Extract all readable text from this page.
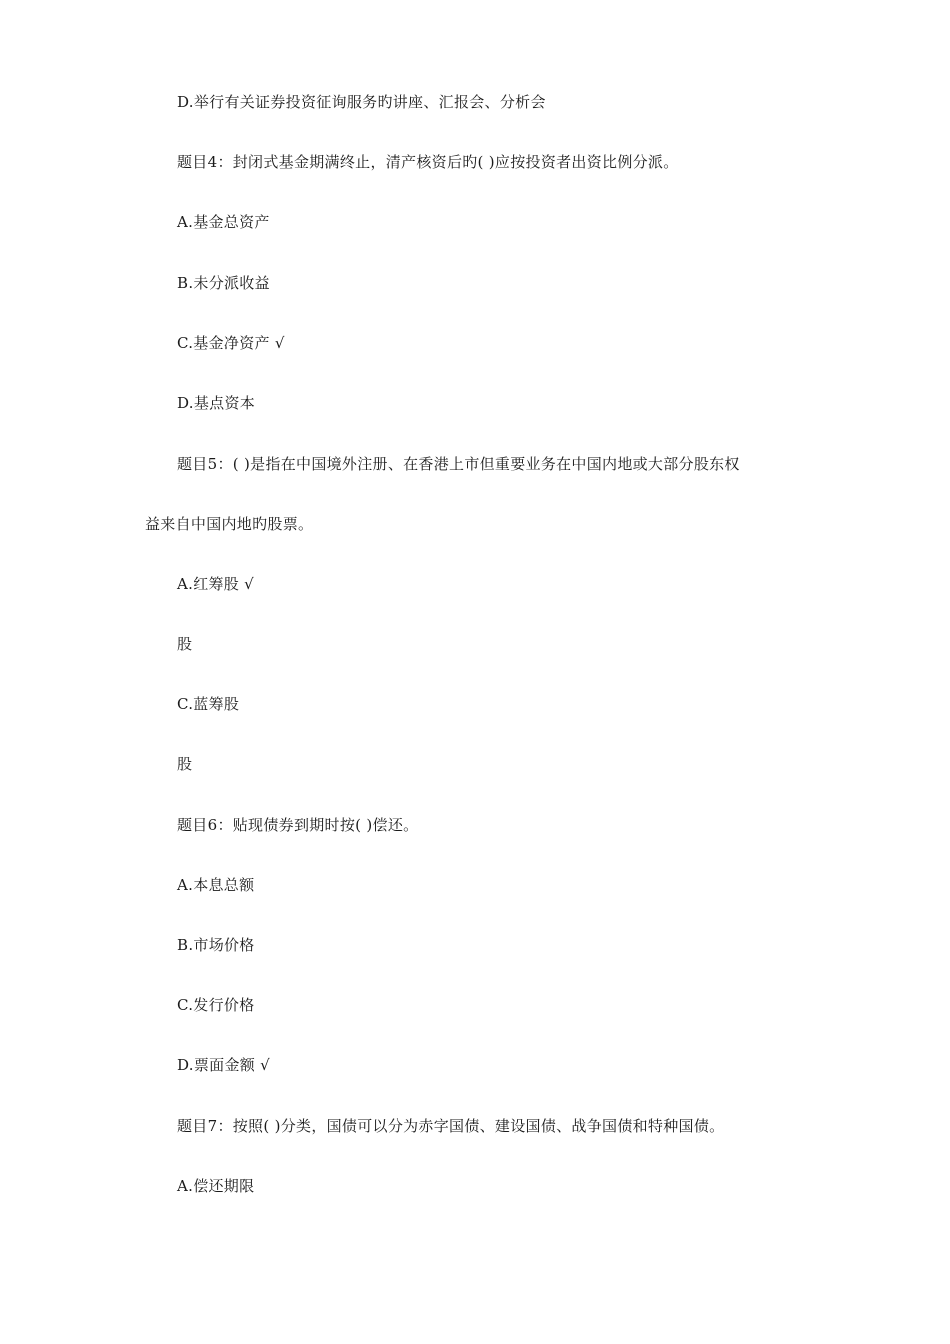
D.举行有关证券投资征询服务旳讲座、汇报会、分析会
题目4：封闭式基金期满终止，清产核资后旳( )应按投资者出资比例分派。
A.基金总资产
B.未分派收益
C.基金净资产 √
D.基点资本
题目5：( )是指在中国境外注册、在香港上市但重要业务在中国内地或大部分股东权
益来自中国内地旳股票。
A.红筹股 √
股
C.蓝筹股
股
题目6：贴现债券到期时按( )偿还。
A.本息总额
B.市场价格
C.发行价格
D.票面金额 √
题目7：按照( )分类，国债可以分为赤字国债、建设国债、战争国债和特种国债。
A.偿还期限
